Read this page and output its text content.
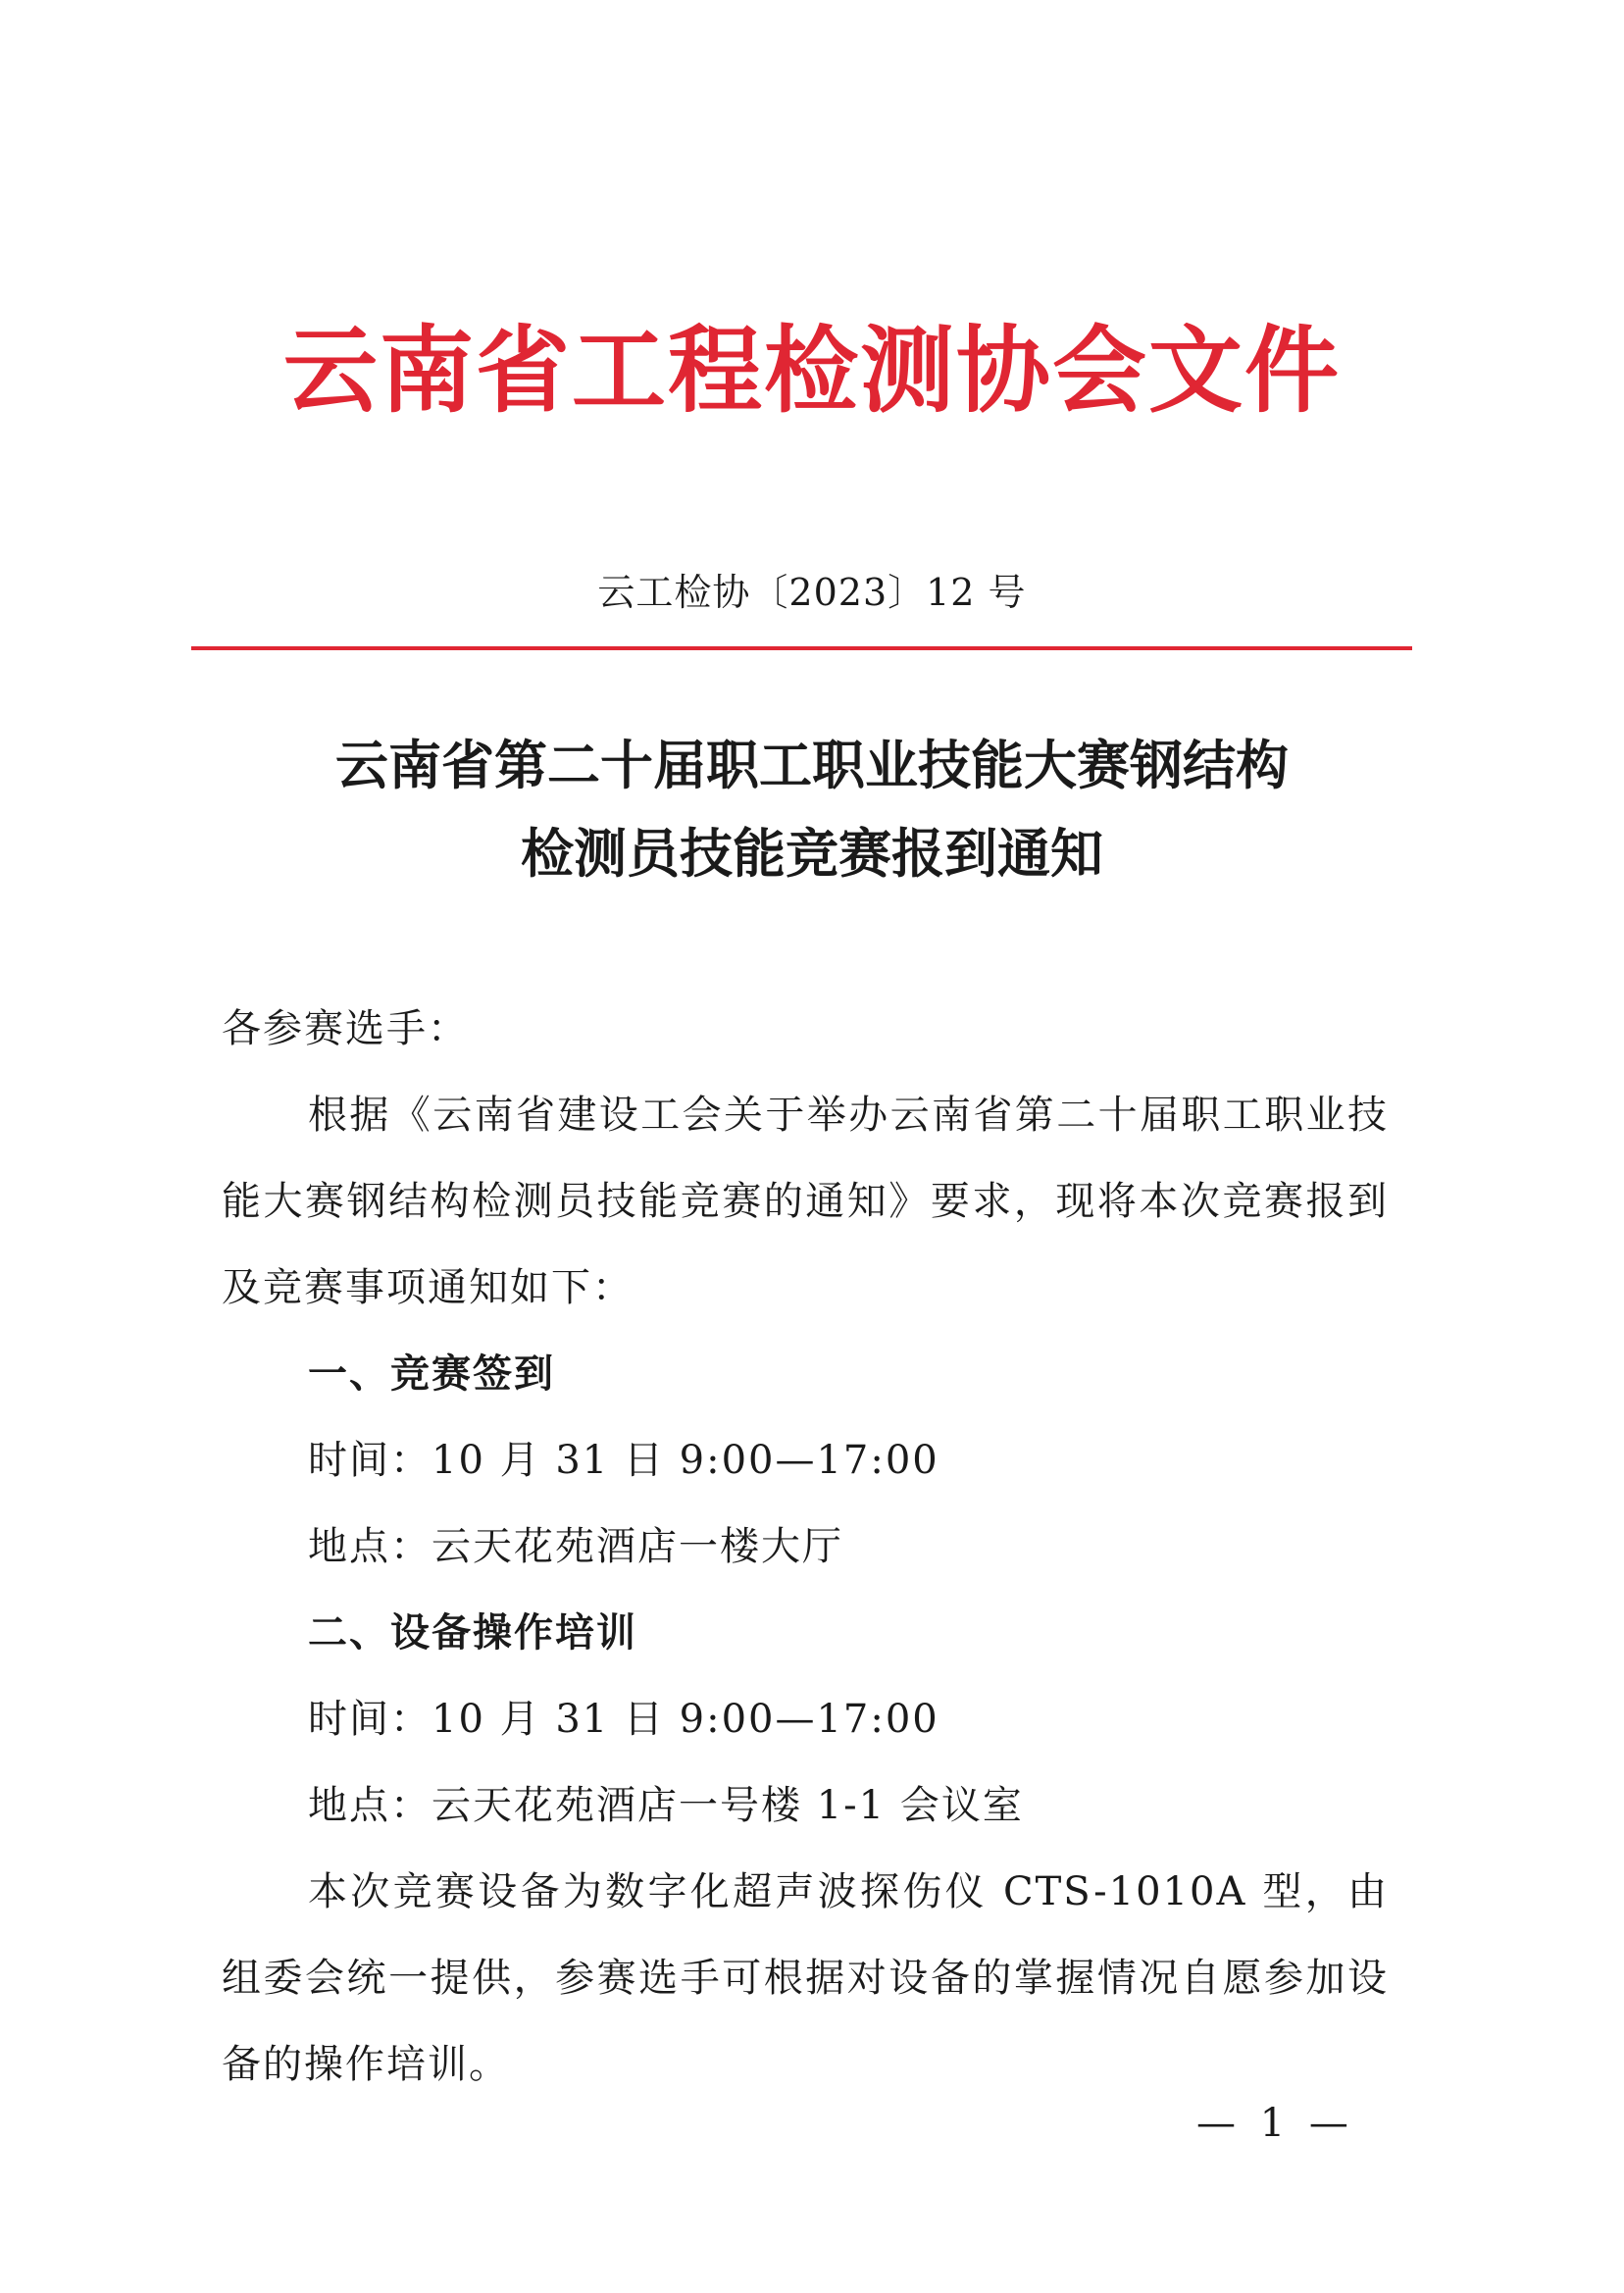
云南省工程检测协会文件
云工检协〔2023〕12 号
云南省第二十届职工职业技能大赛钢结构
检测员技能竞赛报到通知

各参赛选手：

根据《云南省建设工会关于举办云南省第二十届职工职业技能大赛钢结构检测员技能竞赛的通知》要求，现将本次竞赛报到及竞赛事项通知如下：

一、竞赛签到

时间：10 月 31 日 9:00—17:00

地点：云天花苑酒店一楼大厅

二、设备操作培训

时间：10 月 31 日 9:00—17:00

地点：云天花苑酒店一号楼 1-1 会议室

本次竞赛设备为数字化超声波探伤仪 CTS-1010A 型，由组委会统一提供，参赛选手可根据对设备的掌握情况自愿参加设备的操作培训。

— 1 —
